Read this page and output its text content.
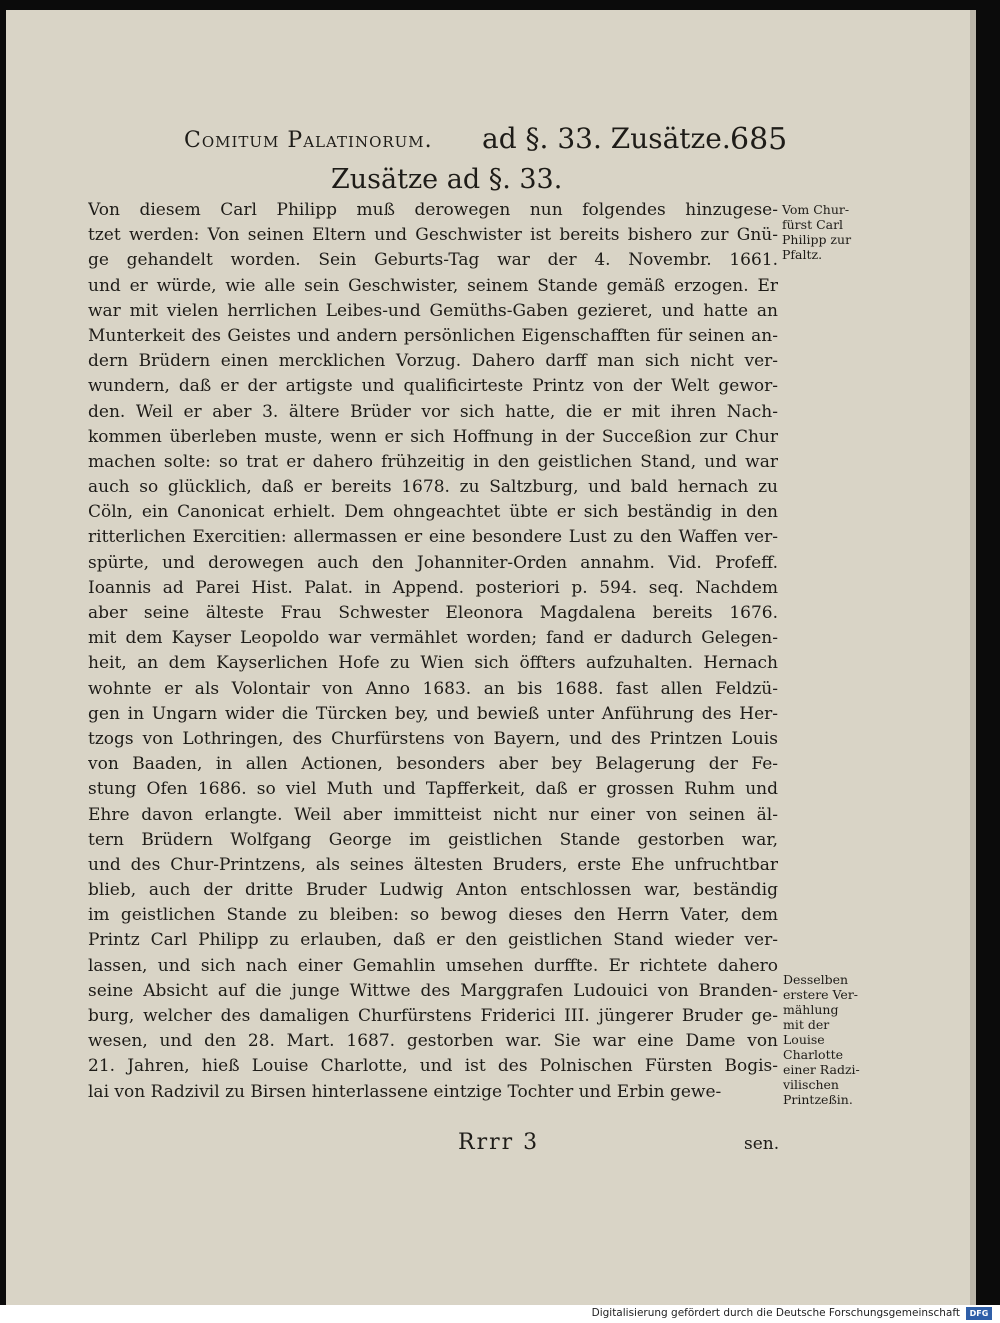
Comitum Palatinorum. ad §. 33. Zusätze. 685
Zusätze ad §. 33.
Von diesem Carl Philipp muß derowegen nun folgendes hinzugese-
tzet werden: Von seinen Eltern und Geschwister ist bereits bishero zur Gnü-
ge gehandelt worden. Sein Geburts-Tag war der 4. Novembr. 1661.
und er würde, wie alle sein Geschwister, seinem Stande gemäß erzogen. Er
war mit vielen herrlichen Leibes-und Gemüths-Gaben gezieret, und hatte an
Munterkeit des Geistes und andern persönlichen Eigenschafften für seinen an-
dern Brüdern einen mercklichen Vorzug. Dahero darff man sich nicht ver-
wundern, daß er der artigste und qualificirteste Printz von der Welt gewor-
den. Weil er aber 3. ältere Brüder vor sich hatte, die er mit ihren Nach-
kommen überleben muste, wenn er sich Hoffnung in der Succeßion zur Chur
machen solte: so trat er dahero frühzeitig in den geistlichen Stand, und war
auch so glücklich, daß er bereits 1678. zu Saltzburg, und bald hernach zu
Cöln, ein Canonicat erhielt. Dem ohngeachtet übte er sich beständig in den
ritterlichen Exercitien: allermassen er eine besondere Lust zu den Waffen ver-
spürte, und derowegen auch den Johanniter-Orden annahm. Vid. Profeff.
Ioannis ad Parei Hist. Palat. in Append. posteriori p. 594. seq. Nachdem
aber seine älteste Frau Schwester Eleonora Magdalena bereits 1676.
mit dem Kayser Leopoldo war vermählet worden; fand er dadurch Gelegen-
heit, an dem Kayserlichen Hofe zu Wien sich öffters aufzuhalten. Hernach
wohnte er als Volontair von Anno 1683. an bis 1688. fast allen Feldzü-
gen in Ungarn wider die Türcken bey, und bewieß unter Anführung des Her-
tzogs von Lothringen, des Churfürstens von Bayern, und des Printzen Louis
von Baaden, in allen Actionen, besonders aber bey Belagerung der Fe-
stung Ofen 1686. so viel Muth und Tapfferkeit, daß er grossen Ruhm und
Ehre davon erlangte. Weil aber immitteist nicht nur einer von seinen äl-
tern Brüdern Wolfgang George im geistlichen Stande gestorben war,
und des Chur-Printzens, als seines ältesten Bruders, erste Ehe unfruchtbar
blieb, auch der dritte Bruder Ludwig Anton entschlossen war, beständig
im geistlichen Stande zu bleiben: so bewog dieses den Herrn Vater, dem
Printz Carl Philipp zu erlauben, daß er den geistlichen Stand wieder ver-
lassen, und sich nach einer Gemahlin umsehen durffte. Er richtete dahero
seine Absicht auf die junge Wittwe des Marggrafen Ludouici von Branden-
burg, welcher des damaligen Churfürstens Friderici III. jüngerer Bruder ge-
wesen, und den 28. Mart. 1687. gestorben war. Sie war eine Dame von
21. Jahren, hieß Louise Charlotte, und ist des Polnischen Fürsten Bogis-
lai von Radzivil zu Birsen hinterlassene eintzige Tochter und Erbin gewe-
Vom Chur-
fürst Carl
Philipp zur
Pfaltz.
Desselben
erstere Ver-
mählung
mit der
Louise
Charlotte
einer Radzi-
vilischen
Printzeßin.
Rrrr 3	sen.
Digitalisierung gefördert durch die Deutsche Forschungsgemeinschaft	DFG
